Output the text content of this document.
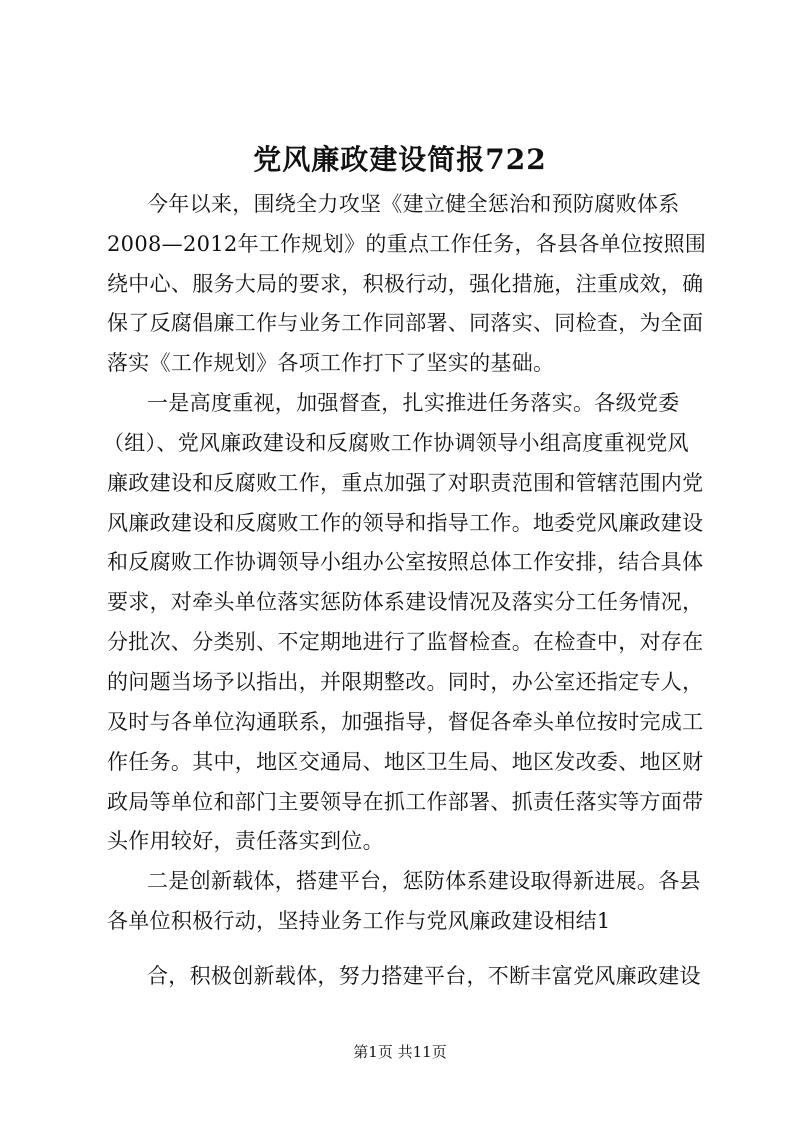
党风廉政建设简报722
今年以来，围绕全力攻坚《建立健全惩治和预防腐败体系
2008—2012年工作规划》的重点工作任务，各县各单位按照围
绕中心、服务大局的要求，积极行动，强化措施，注重成效，确
保了反腐倡廉工作与业务工作同部署、同落实、同检查，为全面
落实《工作规划》各项工作打下了坚实的基础。
一是高度重视，加强督查，扎实推进任务落实。各级党委
（组）、党风廉政建设和反腐败工作协调领导小组高度重视党风
廉政建设和反腐败工作，重点加强了对职责范围和管辖范围内党
风廉政建设和反腐败工作的领导和指导工作。地委党风廉政建设
和反腐败工作协调领导小组办公室按照总体工作安排，结合具体
要求，对牵头单位落实惩防体系建设情况及落实分工任务情况，
分批次、分类别、不定期地进行了监督检查。在检查中，对存在
的问题当场予以指出，并限期整改。同时，办公室还指定专人，
及时与各单位沟通联系，加强指导，督促各牵头单位按时完成工
作任务。其中，地区交通局、地区卫生局、地区发改委、地区财
政局等单位和部门主要领导在抓工作部署、抓责任落实等方面带
头作用较好，责任落实到位。
二是创新载体，搭建平台，惩防体系建设取得新进展。各县
各单位积极行动，坚持业务工作与党风廉政建设相结1
合，积极创新载体，努力搭建平台，不断丰富党风廉政建设
第1页 共11页
